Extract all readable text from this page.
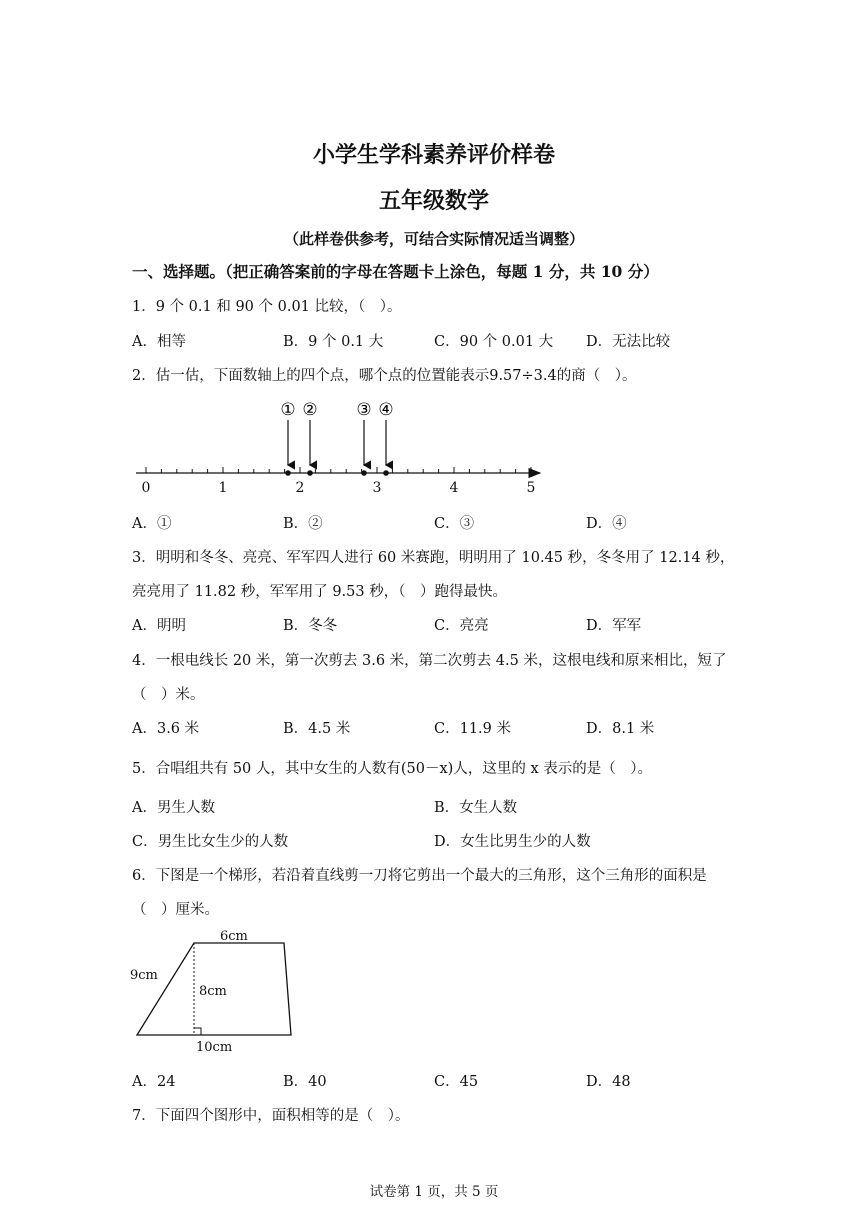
小学生学科素养评价样卷
五年级数学
（此样卷供参考，可结合实际情况适当调整）
一、选择题。（把正确答案前的字母在答题卡上涂色，每题 1 分，共 10 分）
1．9 个 0.1 和 90 个 0.01 比较，（　）。
A．相等	B．9 个 0.1 大	C．90 个 0.01 大 D．无法比较
2．估一估，下面数轴上的四个点，哪个点的位置能表示9.57÷3.4的商（　）。
0	1	2	3	4	5
① ② ③ ④
A．①	B．②	C．③	D．④
3．明明和冬冬、亮亮、军军四人进行 60 米赛跑，明明用了 10.45 秒，冬冬用了 12.14 秒，
亮亮用了 11.82 秒，军军用了 9.53 秒，（　）跑得最快。
A．明明	B．冬冬	C．亮亮	D．军军
4．一根电线长 20 米，第一次剪去 3.6 米，第二次剪去 4.5 米，这根电线和原来相比，短了
（　）米。
A．3.6 米	B．4.5 米	C．11.9 米	D．8.1 米
5．合唱组共有 50 人，其中女生的人数有(50－x)人，这里的 x 表示的是（　）。
A．男生人数	B．女生人数
C．男生比女生少的人数	D．女生比男生少的人数
6．下图是一个梯形，若沿着直线剪一刀将它剪出一个最大的三角形，这个三角形的面积是
（　）厘米。
6cm
9cm
8cm
10cm
A．24	B．40	C．45	D．48
7．下面四个图形中，面积相等的是（　）。
试卷第 1 页，共 5 页
